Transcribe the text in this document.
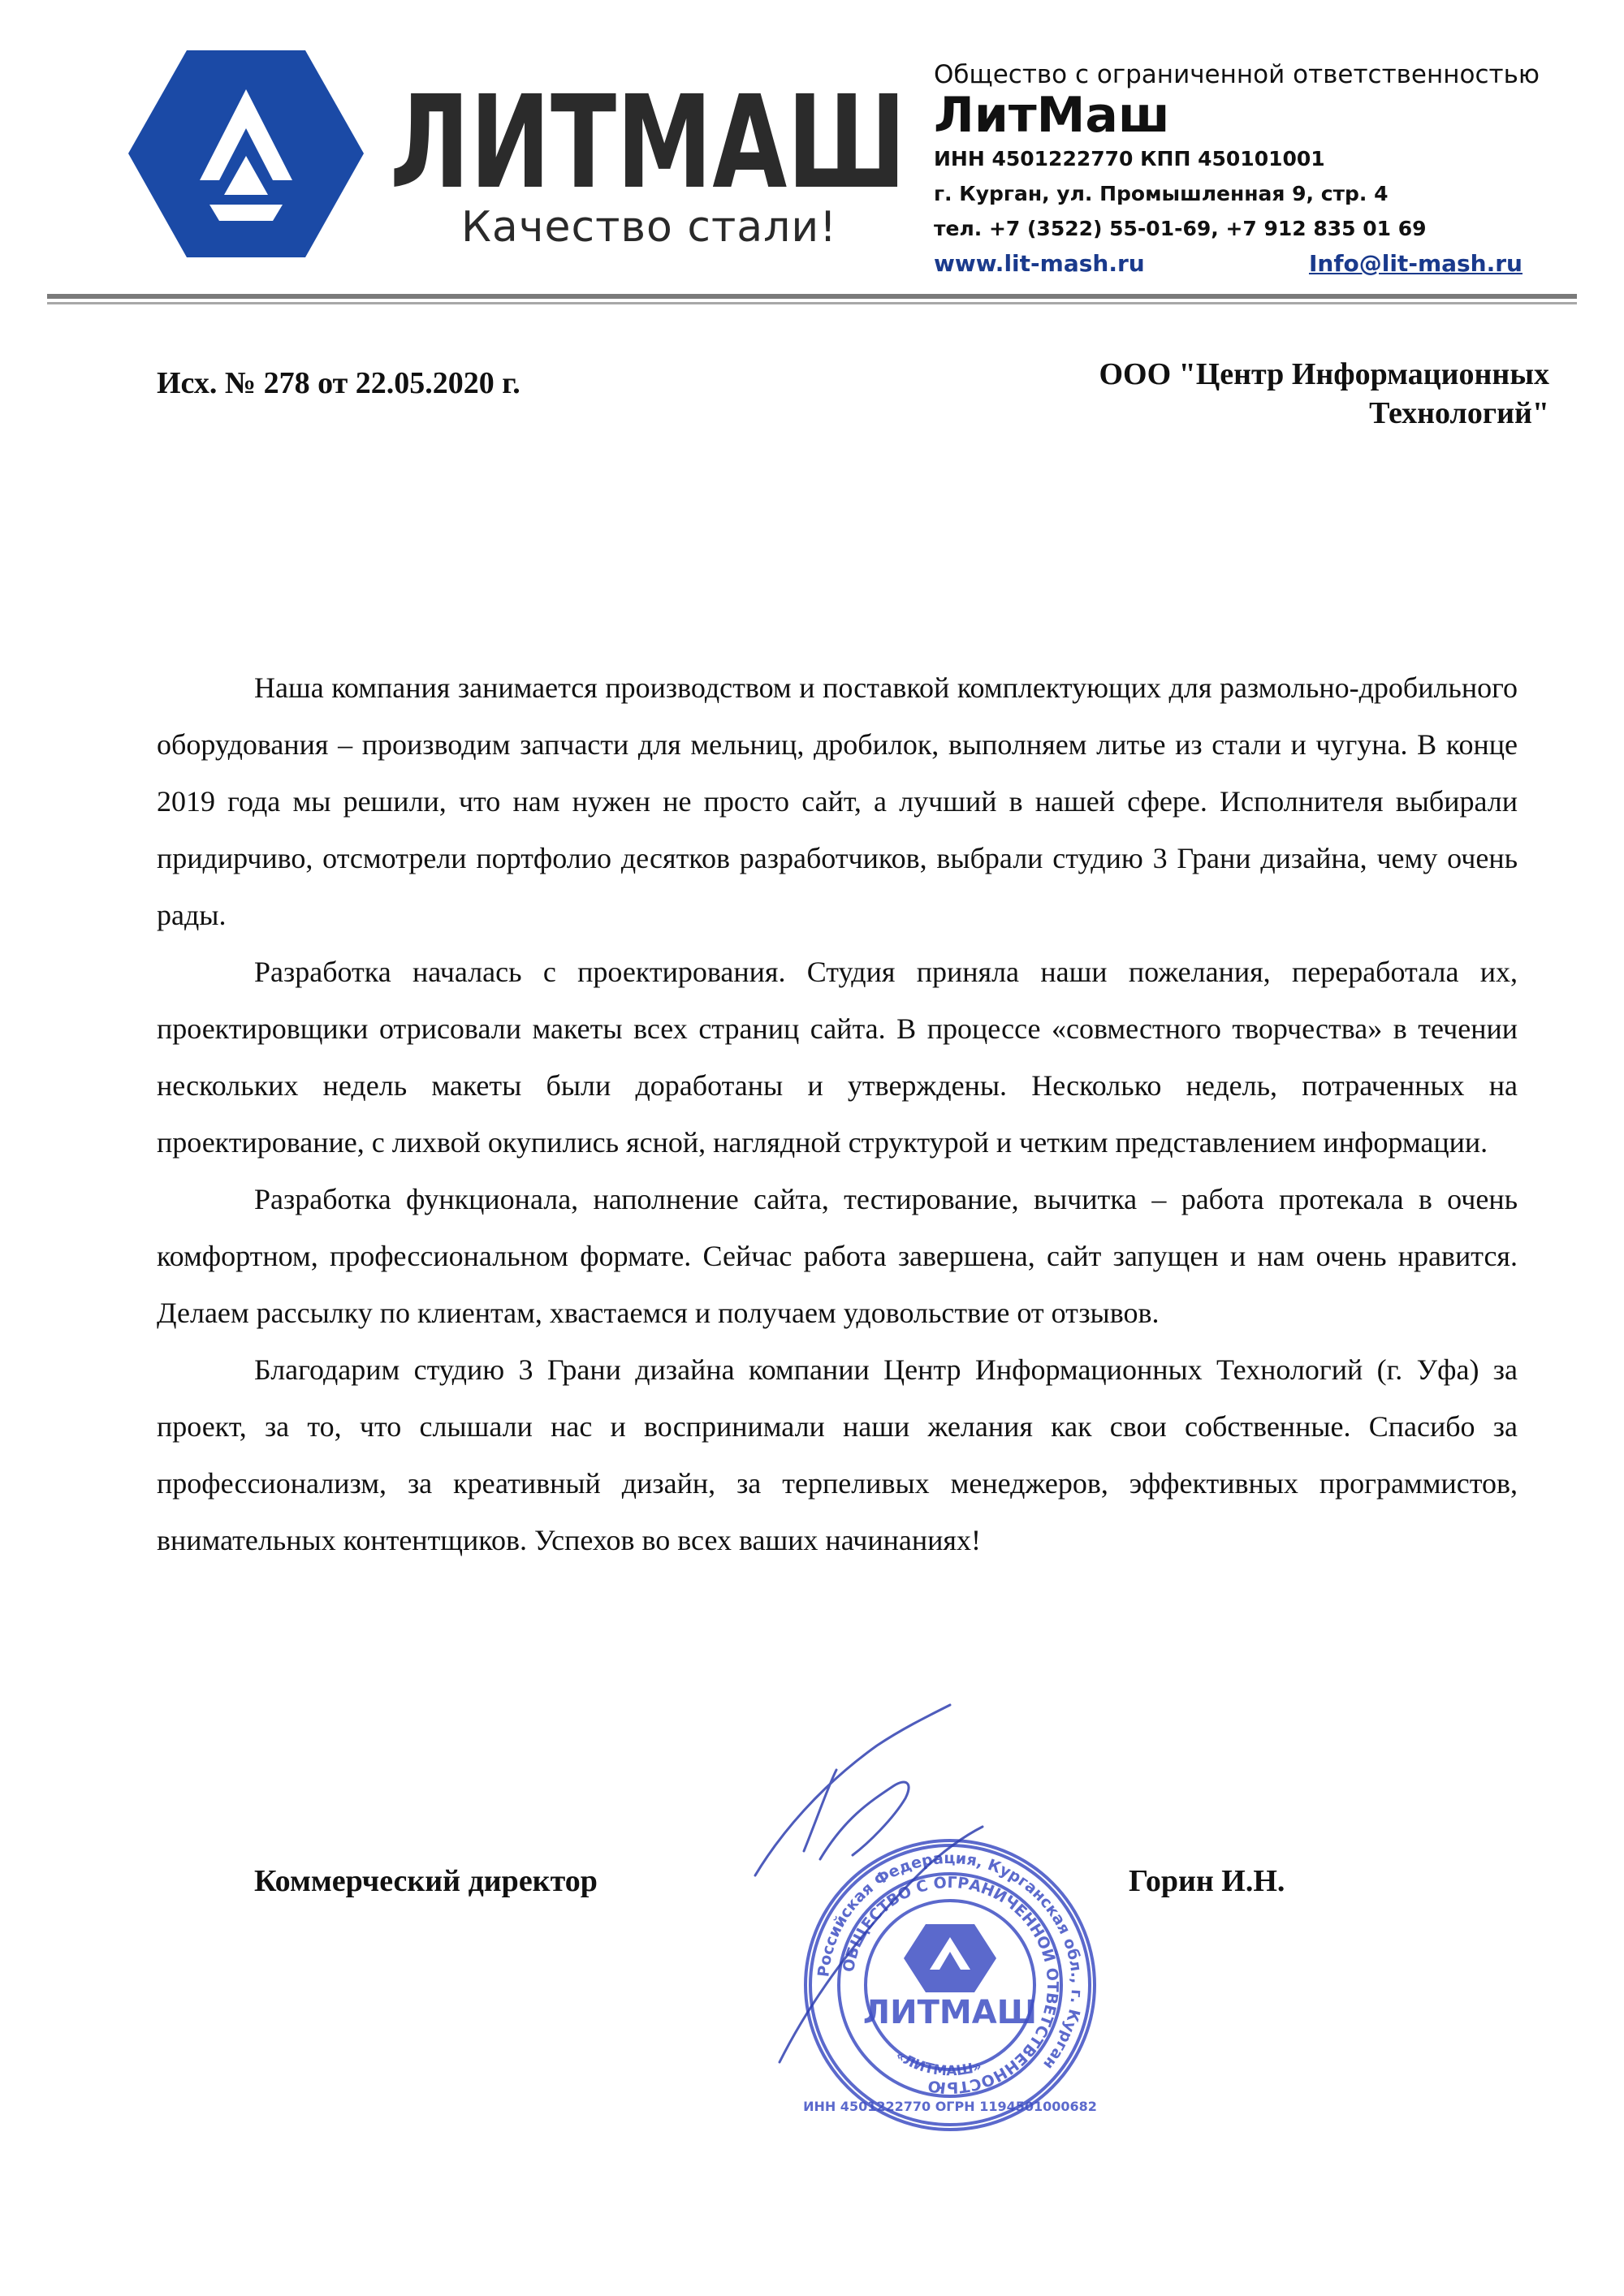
ЛИТМАШ
Качество стали!
Общество с ограниченной ответственностью
ЛитМаш
ИНН 4501222770 КПП 450101001
г. Курган, ул. Промышленная 9, стр. 4
тел. +7 (3522) 55-01-69, +7 912 835 01 69
www.lit-mash.ru	Info@lit-mash.ru
Исх. № 278 от 22.05.2020 г.	ООО "Центр Информационных
Технологий"

Наша компания занимается производством и поставкой комплектующих для размольно-дробильного оборудования – производим запчасти для мельниц, дробилок, выполняем литье из стали и чугуна. В конце 2019 года мы решили, что нам нужен не просто сайт, а лучший в нашей сфере. Исполнителя выбирали придирчиво, отсмотрели портфолио десятков разработчиков, выбрали студию 3 Грани дизайна, чему очень рады.

Разработка началась с проектирования. Студия приняла наши пожелания, переработала их, проектировщики отрисовали макеты всех страниц сайта. В процессе «совместного творчества» в течении нескольких недель макеты были доработаны и утверждены. Несколько недель, потраченных на проектирование, с лихвой окупились ясной, наглядной структурой и четким представлением информации.

Разработка функционала, наполнение сайта, тестирование, вычитка – работа протекала в очень комфортном, профессиональном формате. Сейчас работа завершена, сайт запущен и нам очень нравится. Делаем рассылку по клиентам, хвастаемся и получаем удовольствие от отзывов.

Благодарим студию 3 Грани дизайна компании Центр Информационных Технологий (г. Уфа) за проект, за то, что слышали нас и воспринимали наши желания как свои собственные. Спасибо за профессионализм, за креативный дизайн, за терпеливых менеджеров, эффективных программистов, внимательных контентщиков. Успехов во всех ваших начинаниях!

Коммерческий директор	Горин И.Н.
Российская Федерация, Курганская обл., г. Курган
ОБЩЕСТВО С ОГРАНИЧЕННОЙ ОТВЕТСТВЕННОСТЬЮ
ЛИТМАШ
«ЛИТМАШ»
ИНН 4501222770 ОГРН 1194501000682
